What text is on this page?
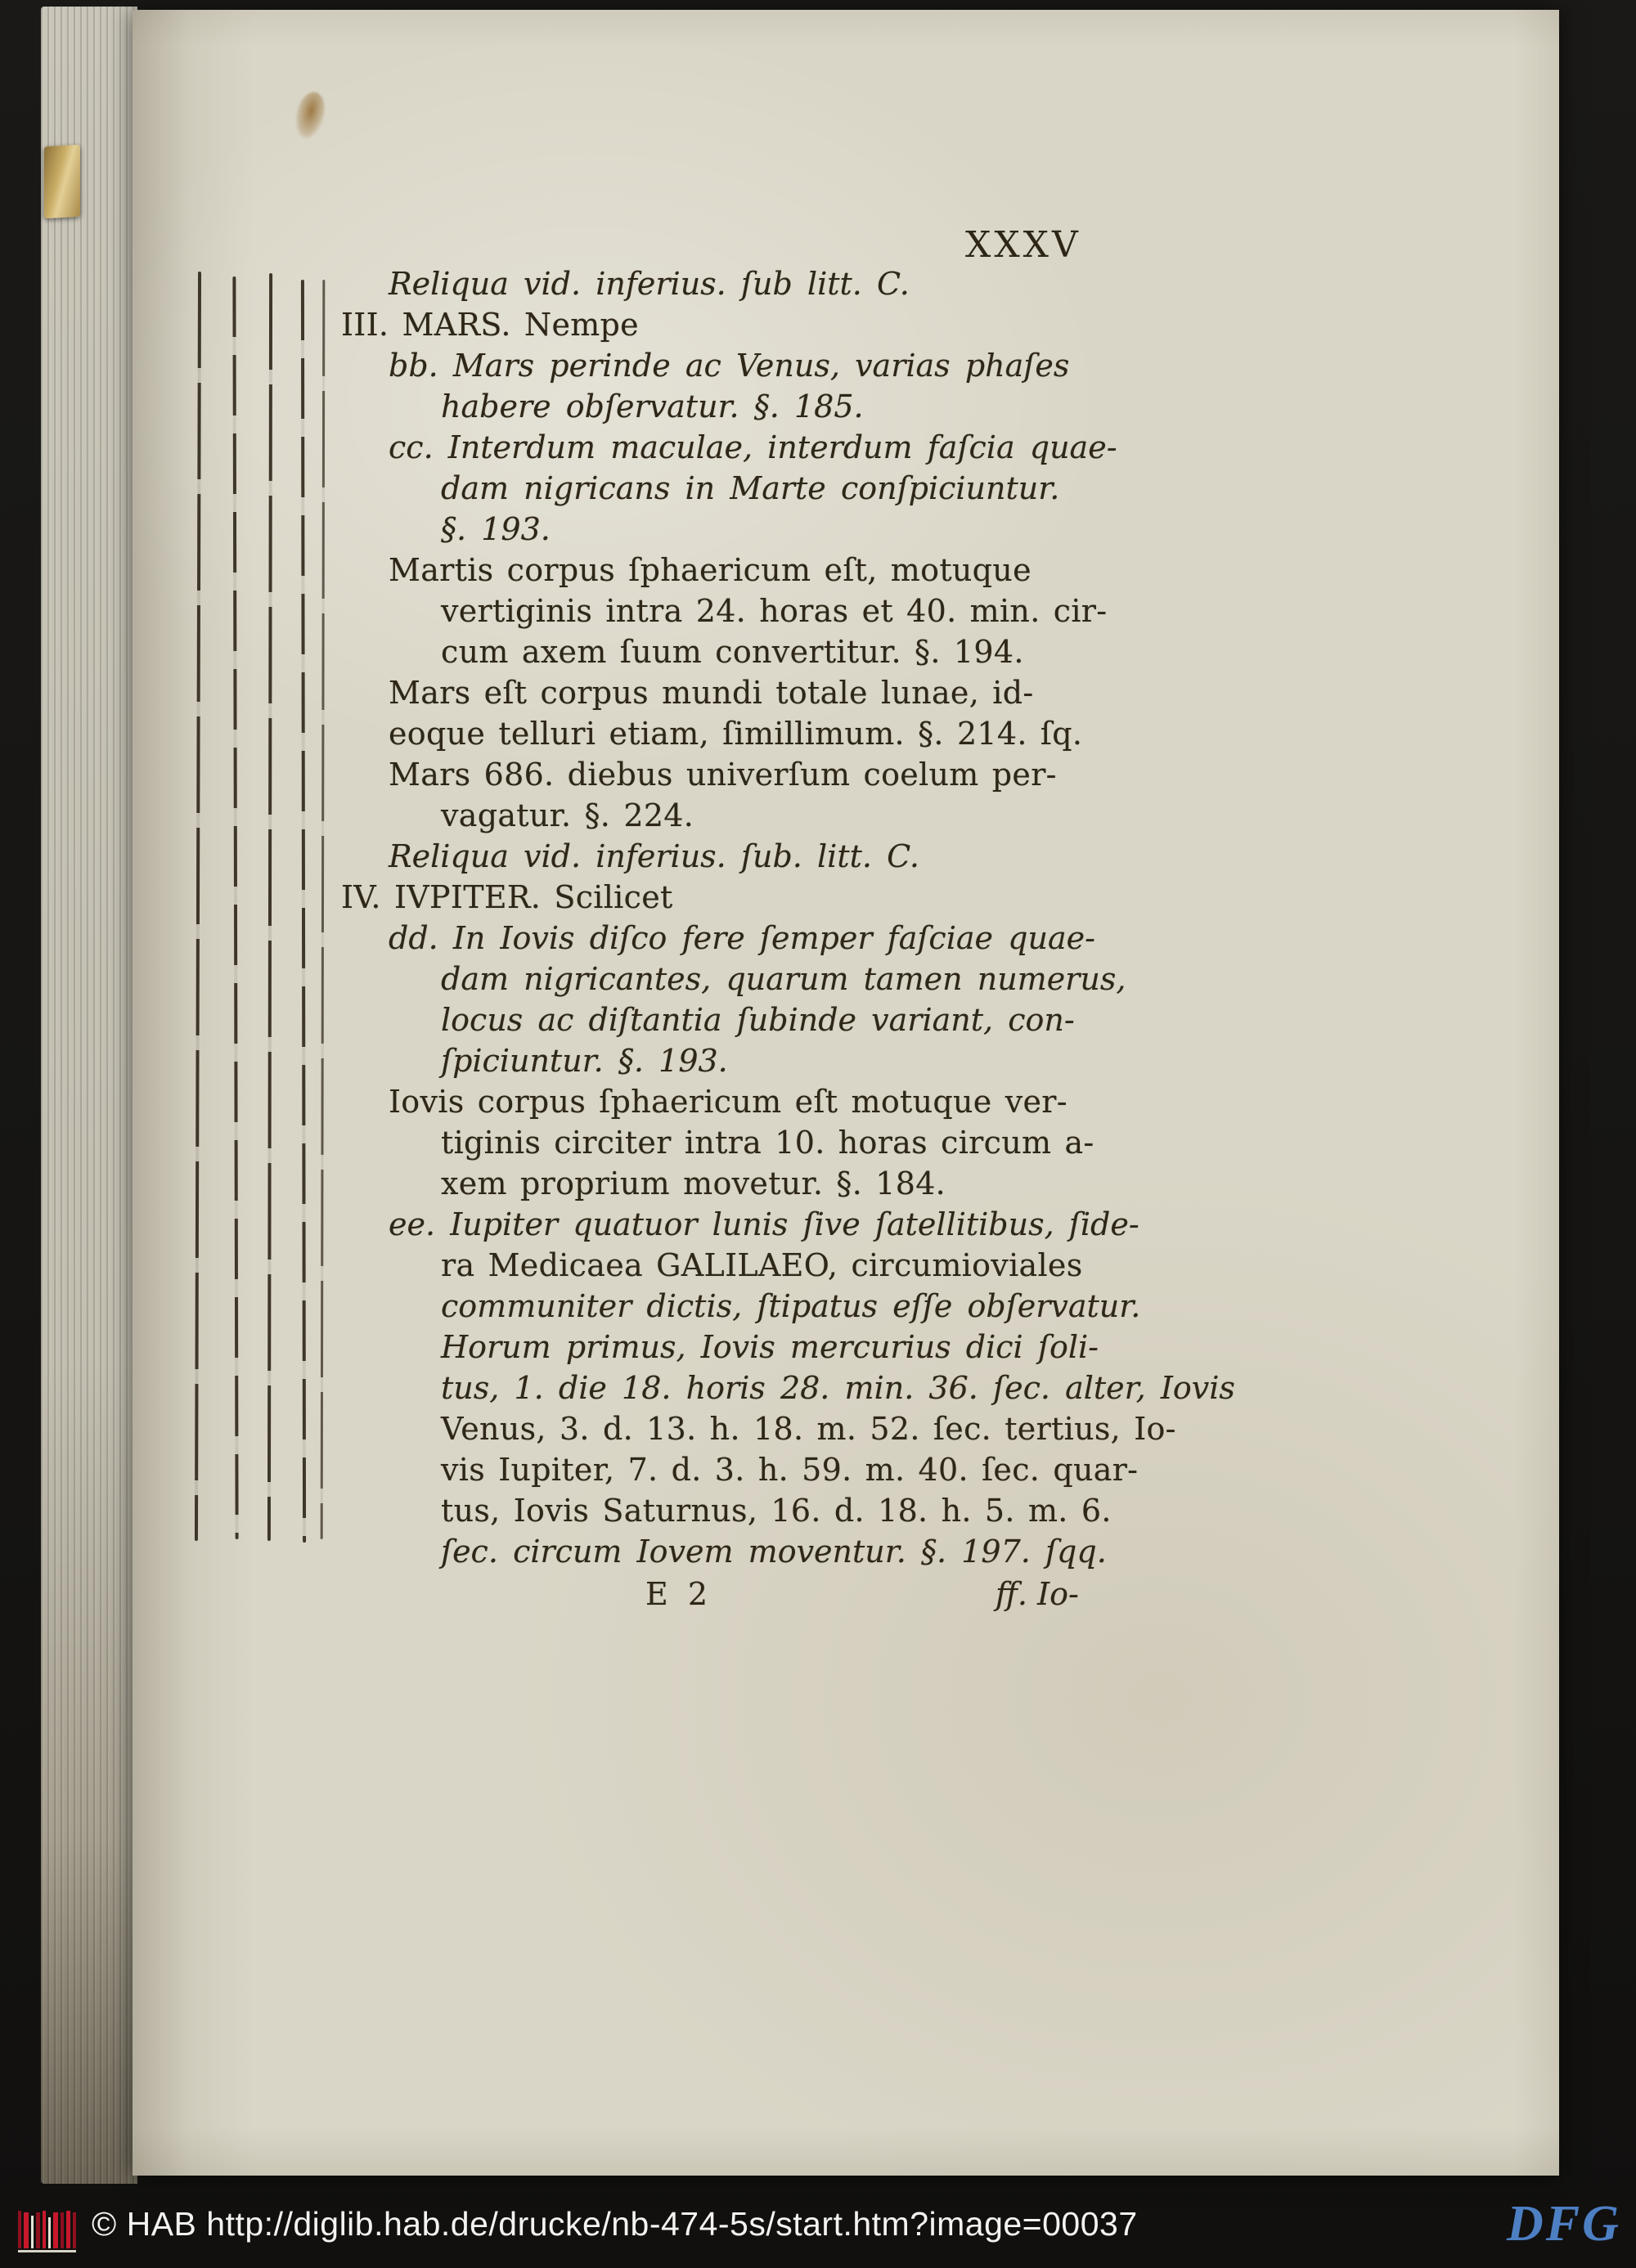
XXXV
Reliqua vid. inferius. ſub litt. C.
III. MARS. Nempe
bb. Mars perinde ac Venus, varias phaſes
habere obſervatur. §. 185.
cc. Interdum maculae, interdum faſcia quae-
dam nigricans in Marte conſpiciuntur.
§. 193.
Martis corpus ſphaericum eſt, motuque
vertiginis intra 24. horas et 40. min. cir-
cum axem ſuum convertitur. §. 194.
Mars eſt corpus mundi totale lunae, id-
eoque telluri etiam, ſimillimum. §. 214. ſq.
Mars 686. diebus univerſum coelum per-
vagatur. §. 224.
Reliqua vid. inferius. ſub. litt. C.
IV. IVPITER. Scilicet
dd. In Iovis diſco fere ſemper faſciae quae-
dam nigricantes, quarum tamen numerus,
locus ac diſtantia ſubinde variant, con-
ſpiciuntur. §. 193.
Iovis corpus ſphaericum eſt motuque ver-
tiginis circiter intra 10. horas circum a-
xem proprium movetur. §. 184.
ee. Iupiter quatuor lunis ſive ſatellitibus, ſide-
ra Medicaea GALILAEO, circumioviales
communiter dictis, ſtipatus eſſe obſervatur.
Horum primus, Iovis mercurius dici ſoli-
tus, 1. die 18. horis 28. min. 36. ſec. alter, Iovis
Venus, 3. d. 13. h. 18. m. 52. ſec. tertius, Io-
vis Iupiter, 7. d. 3. h. 59. m. 40. ſec. quar-
tus, Iovis Saturnus, 16. d. 18. h. 5. m. 6.
ſec. circum Iovem moventur. §. 197. ſqq.
E 2	ff. Io-
© HAB http://diglib.hab.de/drucke/nb-474-5s/start.htm?image=00037	DFG
